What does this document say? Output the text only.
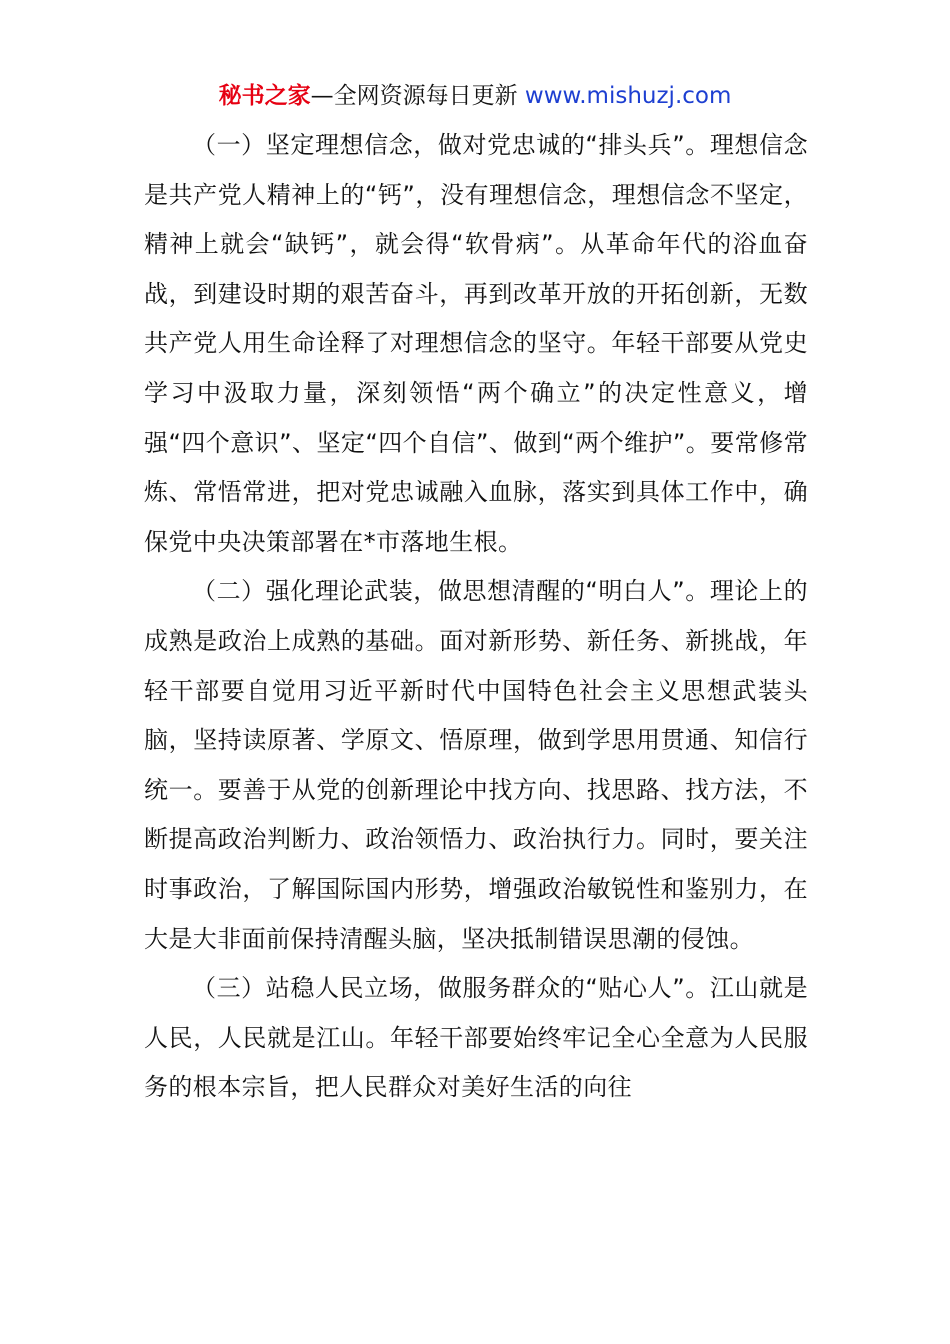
秘书之家—全网资源每日更新 www.mishuzj.com

（一）坚定理想信念，做对党忠诚的“排头兵”。理想信念是共产党人精神上的“钙”，没有理想信念，理想信念不坚定，精神上就会“缺钙”，就会得“软骨病”。从革命年代的浴血奋战，到建设时期的艰苦奋斗，再到改革开放的开拓创新，无数共产党人用生命诠释了对理想信念的坚守。年轻干部要从党史学习中汲取力量，深刻领悟“两个确立”的决定性意义，增强“四个意识”、坚定“四个自信”、做到“两个维护”。要常修常炼、常悟常进，把对党忠诚融入血脉，落实到具体工作中，确保党中央决策部署在*市落地生根。

（二）强化理论武装，做思想清醒的“明白人”。理论上的成熟是政治上成熟的基础。面对新形势、新任务、新挑战，年轻干部要自觉用习近平新时代中国特色社会主义思想武装头脑，坚持读原著、学原文、悟原理，做到学思用贯通、知信行统一。要善于从党的创新理论中找方向、找思路、找方法，不断提高政治判断力、政治领悟力、政治执行力。同时，要关注时事政治，了解国际国内形势，增强政治敏锐性和鉴别力，在大是大非面前保持清醒头脑，坚决抵制错误思潮的侵蚀。

（三）站稳人民立场，做服务群众的“贴心人”。江山就是人民，人民就是江山。年轻干部要始终牢记全心全意为人民服务的根本宗旨，把人民群众对美好生活的向往
